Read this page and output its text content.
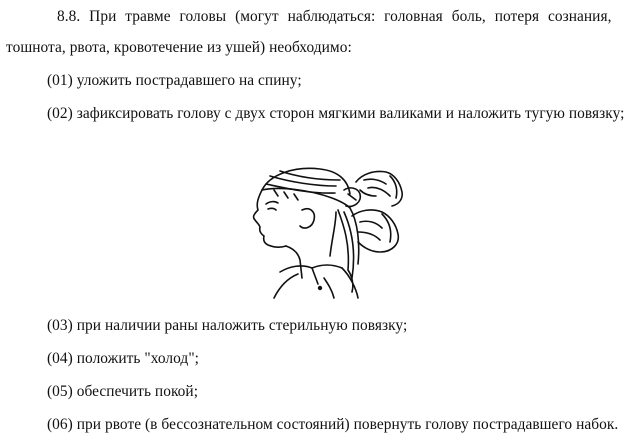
8.8. При травме головы (могут наблюдаться: головная боль, потеря сознания,
тошнота, рвота, кровотечение из ушей) необходимо:
(01) уложить пострадавшего на спину;
(02) зафиксировать голову с двух сторон мягкими валиками и наложить тугую повязку;
(03) при наличии раны наложить стерильную повязку;
(04) положить "холод";
(05) обеспечить покой;
(06) при рвоте (в бессознательном состояний) повернуть голову пострадавшего набок.
